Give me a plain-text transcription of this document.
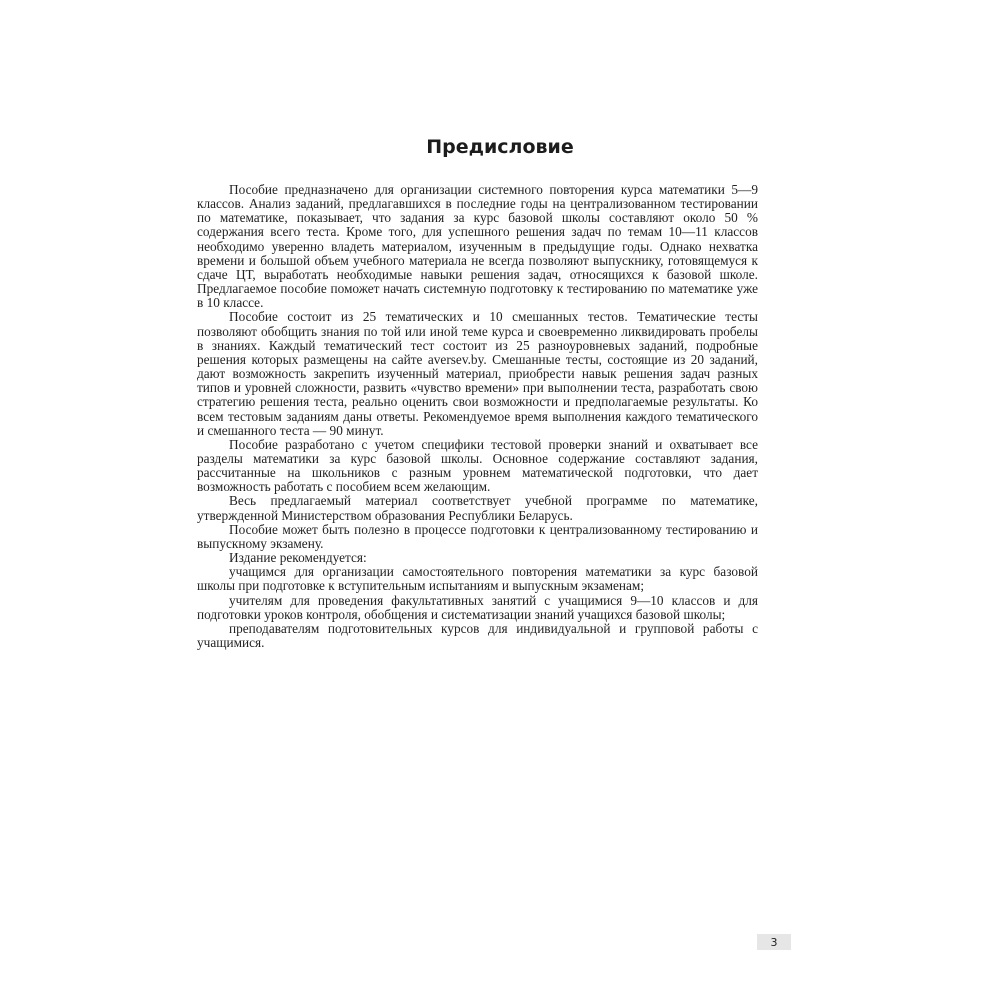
Предисловие

Пособие предназначено для организации системного повторения курса математики 5—9 классов. Анализ заданий, предлагавшихся в последние годы на централизованном тестировании по математике, показывает, что задания за курс базовой школы составляют около 50 % содержания всего теста. Кроме того, для успешного решения задач по темам 10—11 классов необходимо уверенно владеть материалом, изученным в предыдущие годы. Однако нехватка времени и большой объем учебного материала не всегда позволяют выпускнику, готовящемуся к сдаче ЦТ, выработать необходимые навыки решения задач, относящихся к базовой школе. Предлагаемое пособие поможет начать системную подготовку к тестированию по математике уже в 10 классе.

Пособие состоит из 25 тематических и 10 смешанных тестов. Тематические тесты позволяют обобщить знания по той или иной теме курса и своевременно ликвидировать пробелы в знаниях. Каждый тематический тест состоит из 25 разноуровневых заданий, подробные решения которых размещены на сайте aversev.by. Смешанные тесты, состоящие из 20 заданий, дают возможность закрепить изученный материал, приобрести навык решения задач разных типов и уровней сложности, развить «чувство времени» при выполнении теста, разработать свою стратегию решения теста, реально оценить свои возможности и предполагаемые результаты. Ко всем тестовым заданиям даны ответы. Рекомендуемое время выполнения каждого тематического и смешанного теста — 90 минут.

Пособие разработано с учетом специфики тестовой проверки знаний и охватывает все разделы математики за курс базовой школы. Основное содержание составляют задания, рассчитанные на школьников с разным уровнем математической подготовки, что дает возможность работать с пособием всем желающим.

Весь предлагаемый материал соответствует учебной программе по математике, утвержденной Министерством образования Республики Беларусь.

Пособие может быть полезно в процессе подготовки к централизованному тестированию и выпускному экзамену.

Издание рекомендуется:

учащимся для организации самостоятельного повторения математики за курс базовой школы при подготовке к вступительным испытаниям и выпускным экзаменам;

учителям для проведения факультативных занятий с учащимися 9—10 классов и для подготовки уроков контроля, обобщения и систематизации знаний учащихся базовой школы;

преподавателям подготовительных курсов для индивидуальной и групповой работы с учащимися.

3
